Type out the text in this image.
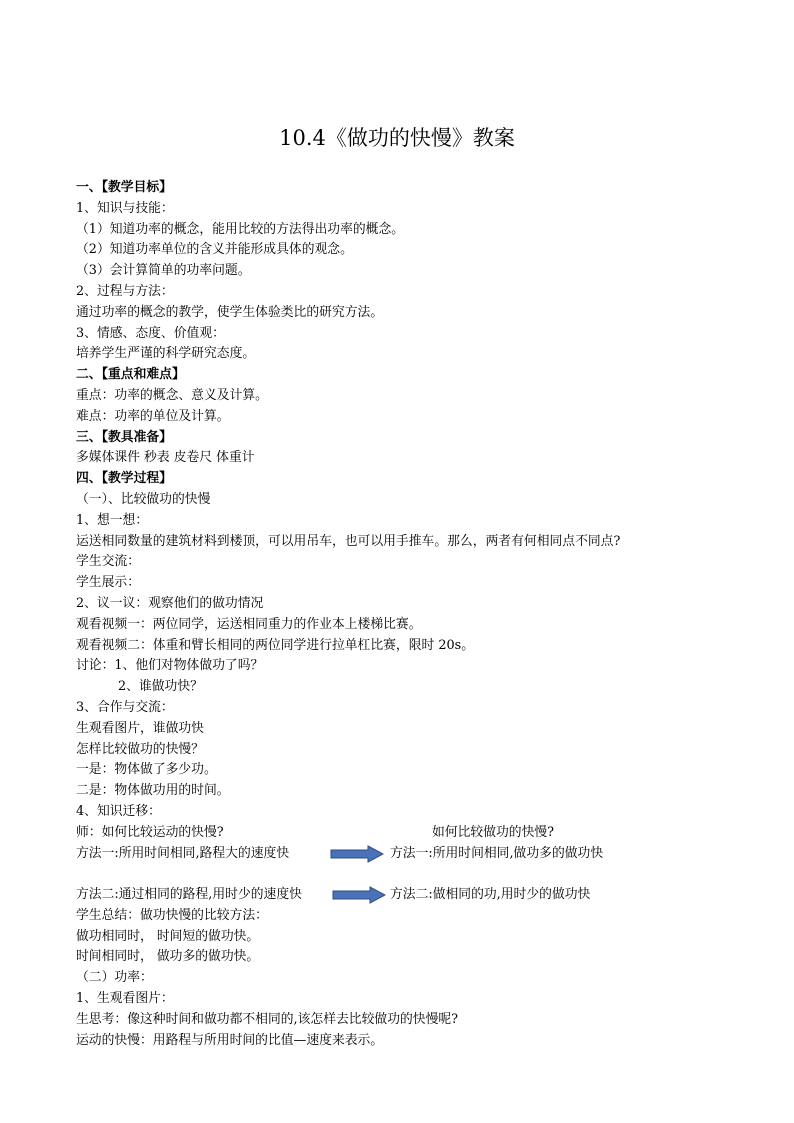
10.4《做功的快慢》教案
一、【教学目标】
1、知识与技能：
（1）知道功率的概念，能用比较的方法得出功率的概念。
（2）知道功率单位的含义并能形成具体的观念。
（3）会计算简单的功率问题。
2、过程与方法：
通过功率的概念的教学，使学生体验类比的研究方法。
3、情感、态度、价值观：
培养学生严谨的科学研究态度。
二、【重点和难点】
重点：功率的概念、意义及计算。
难点：功率的单位及计算。
三、【教具准备】
多媒体课件 秒表 皮卷尺 体重计
四、【教学过程】
（一）、比较做功的快慢
1、想一想：
运送相同数量的建筑材料到楼顶，可以用吊车，也可以用手推车。那么，两者有何相同点不同点?
学生交流：
学生展示：
2、议一议：观察他们的做功情况
观看视频一：两位同学，运送相同重力的作业本上楼梯比赛。
观看视频二：体重和臂长相同的两位同学进行拉单杠比赛，限时 20s。
讨论：1、他们对物体做功了吗？
2、谁做功快？
3、合作与交流：
生观看图片，谁做功快
怎样比较做功的快慢？
一是：物体做了多少功。
二是：物体做功用的时间。
4、知识迁移：
师：如何比较运动的快慢?	如何比较做功的快慢?
方法一:所用时间相同,路程大的速度快	方法一:所用时间相同,做功多的做功快
方法二:通过相同的路程,用时少的速度快	方法二:做相同的功,用时少的做功快
学生总结：做功快慢的比较方法：
做功相同时， 时间短的做功快。
时间相同时， 做功多的做功快。
（二）功率：
1、生观看图片：
生思考：像这种时间和做功都不相同的,该怎样去比较做功的快慢呢?
运动的快慢：用路程与所用时间的比值—速度来表示。
